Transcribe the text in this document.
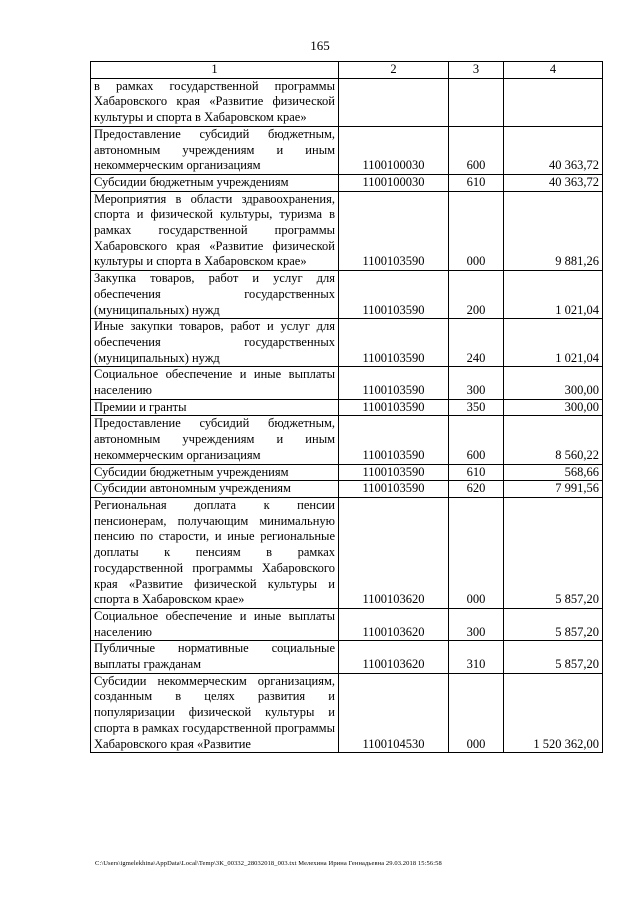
165
1	2	3	4
в рамках государственной программы Хабаровского края «Развитие физической культуры и спорта в Хабаровском крае»			
Предоставление субсидий бюджетным, автономным учреждениям и иным некоммерческим организациям	1100100030	600	40 363,72
Субсидии бюджетным учреждениям	1100100030	610	40 363,72
Мероприятия в области здравоохранения, спорта и физической культуры, туризма в рамках государственной программы Хабаровского края «Развитие физической культуры и спорта в Хабаровском крае»	1100103590	000	9 881,26
Закупка товаров, работ и услуг для обеспечения государственных (муниципальных) нужд	1100103590	200	1 021,04
Иные закупки товаров, работ и услуг для обеспечения государственных (муниципальных) нужд	1100103590	240	1 021,04
Социальное обеспечение и иные выплаты населению	1100103590	300	300,00
Премии и гранты	1100103590	350	300,00
Предоставление субсидий бюджетным, автономным учреждениям и иным некоммерческим организациям	1100103590	600	8 560,22
Субсидии бюджетным учреждениям	1100103590	610	568,66
Субсидии автономным учреждениям	1100103590	620	7 991,56
Региональная доплата к пенсии пенсионерам, получающим минимальную пенсию по старости, и иные региональные доплаты к пенсиям в рамках государственной программы Хабаровского края «Развитие физической культуры и спорта в Хабаровском крае»	1100103620	000	5 857,20
Социальное обеспечение и иные выплаты населению	1100103620	300	5 857,20
Публичные нормативные социальные выплаты гражданам	1100103620	310	5 857,20
Субсидии некоммерческим организациям, созданным в целях развития и популяризации физической культуры и спорта в рамках государственной программы Хабаровского края «Развитие	1100104530	000	1 520 362,00
C:\Users\igmelekhina\AppData\Local\Temp\3K_00332_28032018_003.txt Мелехина Ирина Геннадьевна 29.03.2018 15:56:58
